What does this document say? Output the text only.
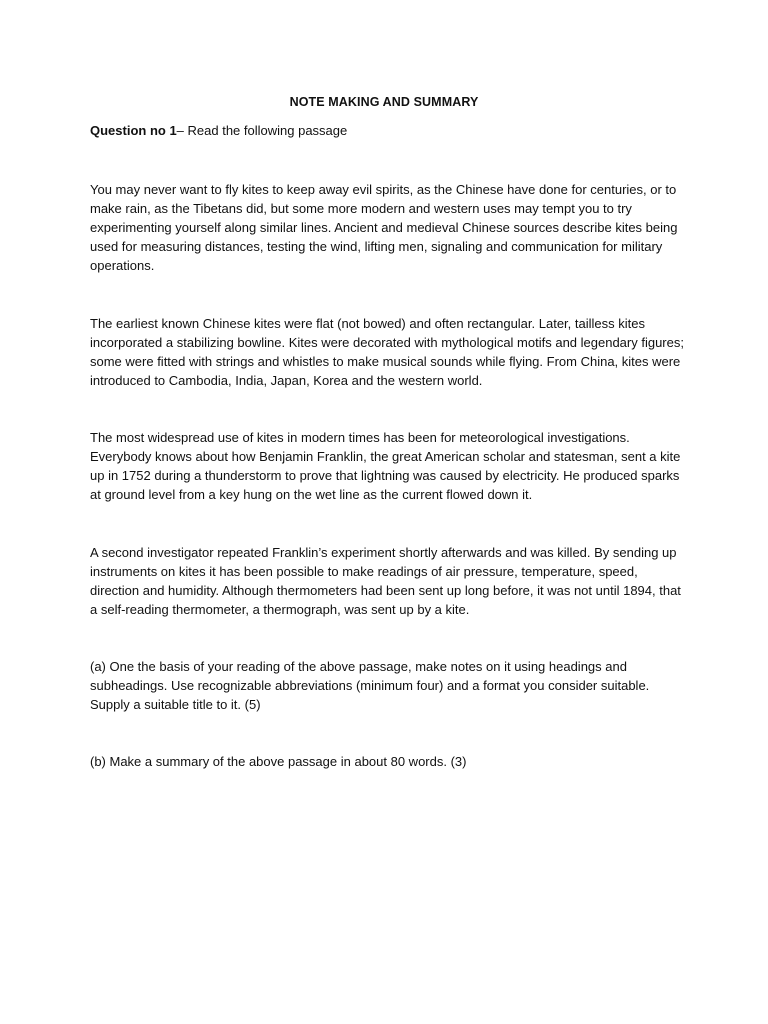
NOTE MAKING AND SUMMARY
Question no 1– Read the following passage

You may never want to fly kites to keep away evil spirits, as the Chinese have done for centuries, or to make rain, as the Tibetans did, but some more modern and western uses may tempt you to try experimenting yourself along similar lines. Ancient and medieval Chinese sources describe kites being used for measuring distances, testing the wind, lifting men, signaling and communication for military operations.

The earliest known Chinese kites were flat (not bowed) and often rectangular. Later, tailless kites incorporated a stabilizing bowline. Kites were decorated with mythological motifs and legendary figures; some were fitted with strings and whistles to make musical sounds while flying. From China, kites were introduced to Cambodia, India, Japan, Korea and the western world.

The most widespread use of kites in modern times has been for meteorological investigations. Everybody knows about how Benjamin Franklin, the great American scholar and statesman, sent a kite up in 1752 during a thunderstorm to prove that lightning was caused by electricity. He produced sparks at ground level from a key hung on the wet line as the current flowed down it.

A second investigator repeated Franklin’s experiment shortly afterwards and was killed. By sending up instruments on kites it has been possible to make readings of air pressure, temperature, speed, direction and humidity. Although thermometers had been sent up long before, it was not until 1894, that a self-reading thermometer, a thermograph, was sent up by a kite.

(a) One the basis of your reading of the above passage, make notes on it using headings and subheadings. Use recognizable abbreviations (minimum four) and a format you consider suitable. Supply a suitable title to it. (5)

(b) Make a summary of the above passage in about 80 words. (3)
